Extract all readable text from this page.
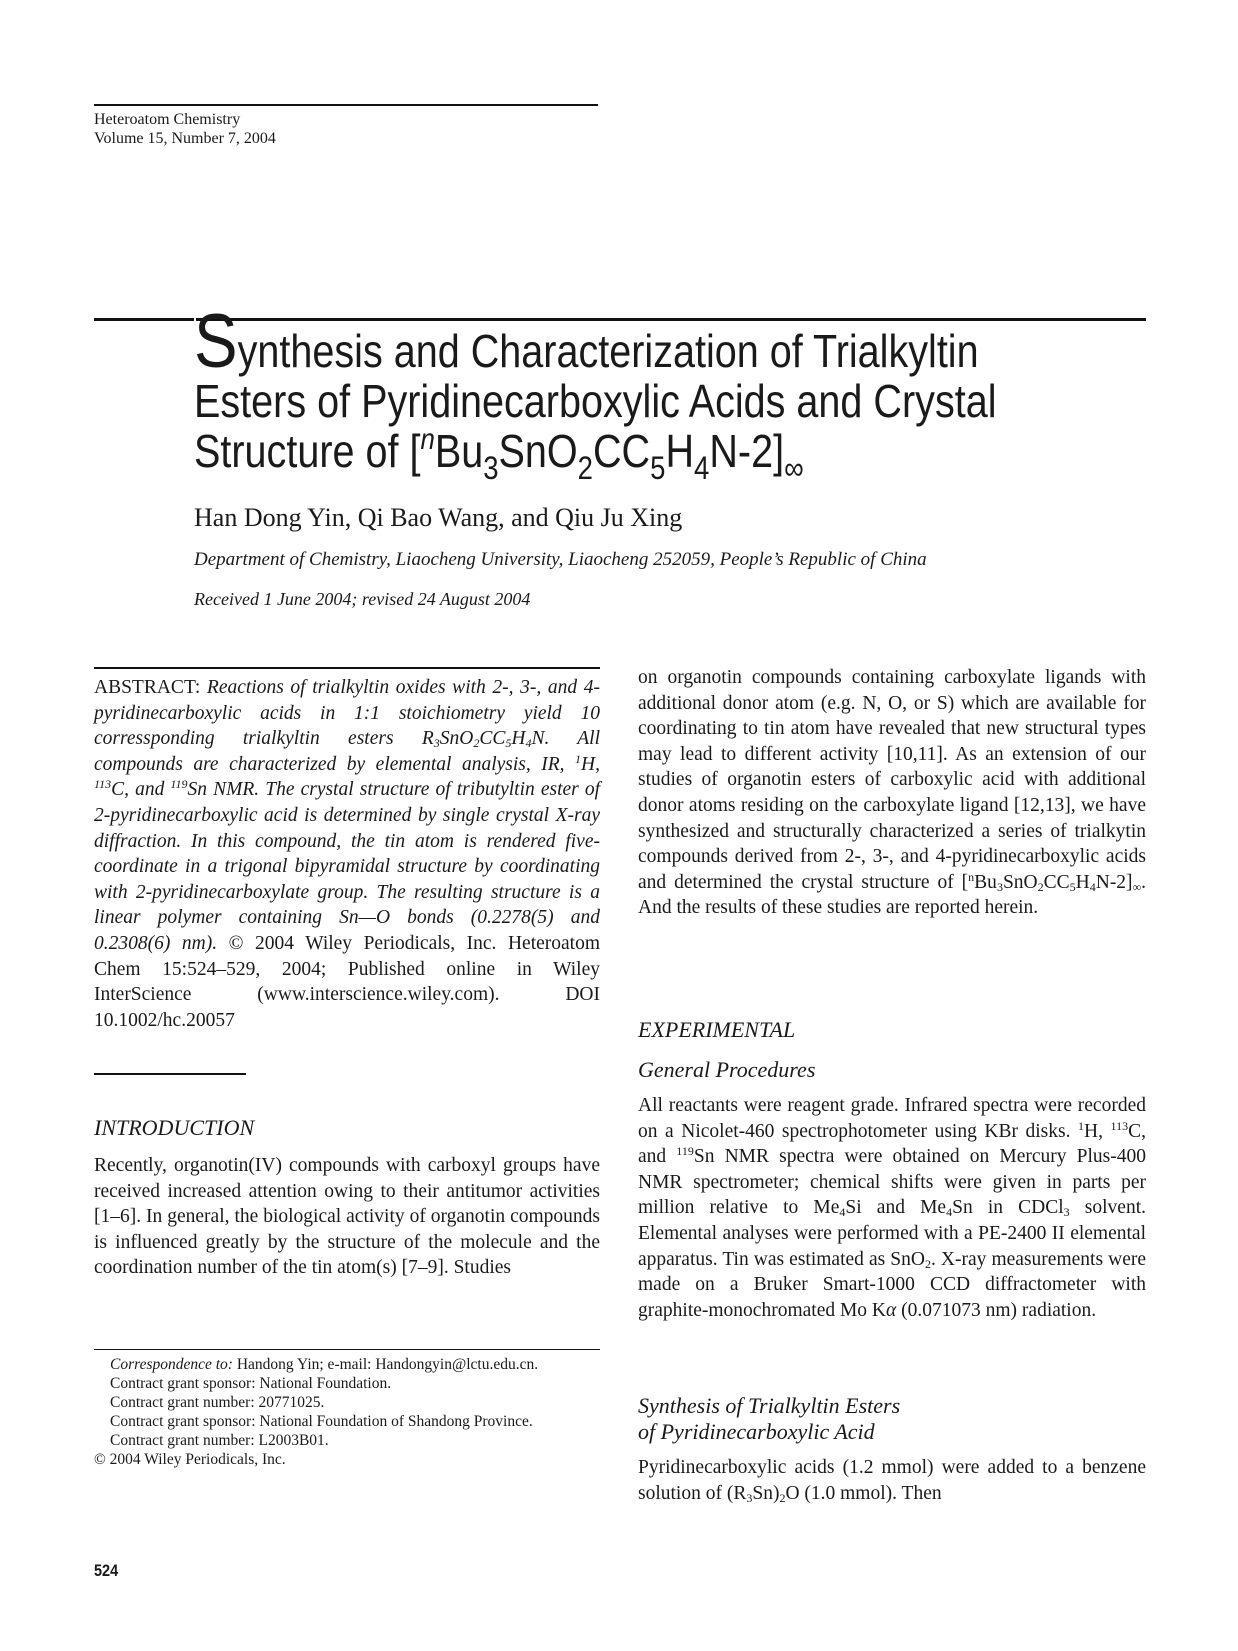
Heteroatom Chemistry
Volume 15, Number 7, 2004
Synthesis and Characterization of Trialkyltin
Esters of Pyridinecarboxylic Acids and Crystal
Structure of $[^nBu_3SnO_2CC_5H_4N-2]_\infty$
Han Dong Yin, Qi Bao Wang, and Qiu Ju Xing
Department of Chemistry, Liaocheng University, Liaocheng 252059, People’s Republic of China
Received 1 June 2004; revised 24 August 2004
ABSTRACT: Reactions of trialkyltin oxides with 2-, 3-, and 4-pyridinecarboxylic acids in 1:1 stoichiometry yield 10 corressponding trialkyltin esters $R_3SnO_2CC_5H_4N$. All compounds are characterized by elemental analysis, IR, $^1$H, $^{113}$C, and $^{119}$Sn NMR. The crystal structure of tributyltin ester of 2-pyridinecarboxylic acid is determined by single crystal X-ray diffraction. In this compound, the tin atom is rendered five-coordinate in a trigonal bipyramidal structure by coordinating with 2-pyridinecarboxylate group. The resulting structure is a linear polymer containing Sn—O bonds (0.2278(5) and 0.2308(6) nm). © 2004 Wiley Periodicals, Inc. Heteroatom Chem 15:524–529, 2004; Published online in Wiley InterScience (www.interscience.wiley.com). DOI 10.1002/hc.20057
INTRODUCTION
Recently, organotin(IV) compounds with carboxyl groups have received increased attention owing to their antitumor activities [1–6]. In general, the biological activity of organotin compounds is influenced greatly by the structure of the molecule and the coordination number of the tin atom(s) [7–9]. Studies

Correspondence to: Handong Yin; e-mail: Handongyin@lctu.edu.cn.

Contract grant sponsor: National Foundation.

Contract grant number: 20771025.

Contract grant sponsor: National Foundation of Shandong Province.

Contract grant number: L2003B01.

© 2004 Wiley Periodicals, Inc.

524
on organotin compounds containing carboxylate ligands with additional donor atom (e.g. N, O, or S) which are available for coordinating to tin atom have revealed that new structural types may lead to different activity [10,11]. As an extension of our studies of organotin esters of carboxylic acid with additional donor atoms residing on the carboxylate ligand [12,13], we have synthesized and structurally characterized a series of trialkytin compounds derived from 2-, 3-, and 4-pyridinecarboxylic acids and determined the crystal structure of $[^nBu_3SnO_2CC_5H_4N-2]_\infty$. And the results of these studies are reported herein.
EXPERIMENTAL
General Procedures
All reactants were reagent grade. Infrared spectra were recorded on a Nicolet-460 spectrophotometer using KBr disks. $^1$H, $^{113}$C, and $^{119}$Sn NMR spectra were obtained on Mercury Plus-400 NMR spectrometer; chemical shifts were given in parts per million relative to $Me_4Si$ and $Me_4Sn$ in CDCl$_3$ solvent. Elemental analyses were performed with a PE-2400 II elemental apparatus. Tin was estimated as SnO$_2$. X-ray measurements were made on a Bruker Smart-1000 CCD diffractometer with graphite-monochromated Mo Kα (0.071073 nm) radiation.
Synthesis of Trialkyltin Esters
of Pyridinecarboxylic Acid
Pyridinecarboxylic acids (1.2 mmol) were added to a benzene solution of $(R_3Sn)_2O$ (1.0 mmol). Then
